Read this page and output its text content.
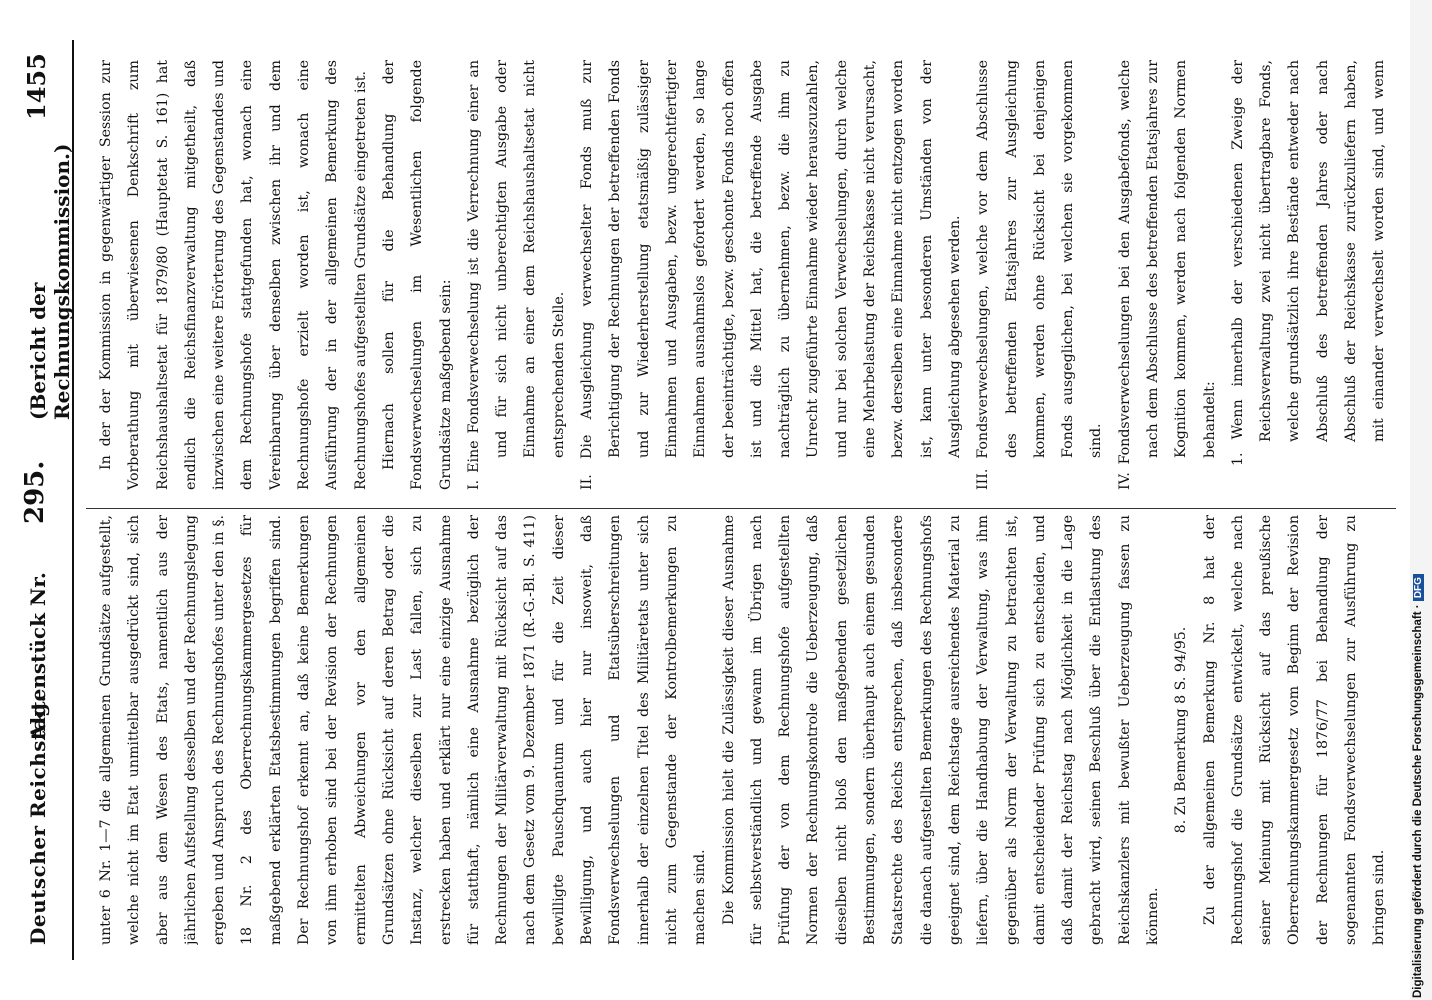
Deutscher Reichstag.
Aktenstück Nr.
295.
(Bericht der Rechnungskommission.)
1455

unter 6 Nr. 1—7 die allgemeinen Grundsätze aufgestellt, welche nicht im Etat unmittelbar ausgedrückt sind, sich aber aus dem Wesen des Etats, namentlich aus der jährlichen Aufstellung desselben und der Rechnungslegung ergeben und Anspruch des Rechnungshofes unter den in §. 18 Nr. 2 des Oberrechnungskammergesetzes für maßgebend erklärten Etatsbestimmungen begriffen sind. Der Rechnungshof erkennt an, daß keine Bemerkungen von ihm erhoben sind bei der Revision der Rechnungen ermittelten Abweichungen vor den allgemeinen Grundsätzen ohne Rücksicht auf deren Betrag oder die Instanz, welcher dieselben zur Last fallen, sich zu erstrecken haben und erklärt nur eine einzige Ausnahme für statthaft, nämlich eine Ausnahme bezüglich der Rechnungen der Militärverwaltung mit Rücksicht auf das nach dem Gesetz vom 9. Dezember 1871 (R.-G.-Bl. S. 411) bewilligte Pauschquantum und für die Zeit dieser Bewilligung, und auch hier nur insoweit, daß Fondsverwechselungen und Etatsüberschreitungen innerhalb der einzelnen Titel des Militäretats unter sich nicht zum Gegenstande der Kontrolbemerkungen zu machen sind. Die Kommission hielt die Zulässigkeit dieser Ausnahme für selbstverständlich und gewann im Übrigen nach Prüfung der von dem Rechnungshofe aufgestellten Normen der Rechnungskontrole die Ueberzeugung, daß dieselben nicht bloß den maßgebenden gesetzlichen Bestimmungen, sondern überhaupt auch einem gesunden Staatsrechte des Reichs entsprechen, daß insbesondere die danach aufgestellten Bemerkungen des Rechnungshofs geeignet sind, dem Reichstage ausreichendes Material zu liefern, über die Handhabung der Verwaltung, was ihm gegenüber als Norm der Verwaltung zu betrachten ist, damit entscheidender Prüfung sich zu entscheiden, und daß damit der Reichstag nach Möglichkeit in die Lage gebracht wird, seinen Beschluß über die Entlastung des Reichskanzlers mit bewußter Ueberzeugung fassen zu können.

8. Zu Bemerkung 8 S. 94/95. Zu der allgemeinen Bemerkung Nr. 8 hat der Rechnungshof die Grundsätze entwickelt, welche nach seiner Meinung mit Rücksicht auf das preußische Oberrechnungskammergesetz vom Beginn der Revision der Rechnungen für 1876/77 bei Behandlung der sogenannten Fondsverwechselungen zur Ausführung zu bringen sind.

In der der Kommission in gegenwärtiger Session zur Vorberathung mit überwiesenen Denkschrift zum Reichshaushaltsetat für 1879/80 (Hauptetat S. 161) hat endlich die Reichsfinanzverwaltung mitgetheilt, daß inzwischen eine weitere Erörterung des Gegenstandes und dem Rechnungshofe stattgefunden hat, wonach eine Vereinbarung über denselben zwischen ihr und dem Rechnungshofe erzielt worden ist, wonach eine Ausführung der in der allgemeinen Bemerkung des Rechnungshofes aufgestellten Grundsätze eingetreten ist. Hiernach sollen für die Behandlung der Fondsverwechselungen im Wesentlichen folgende Grundsätze maßgebend sein: I. Eine Fondsverwechselung ist die Verrechnung einer an und für sich nicht unberechtigten Ausgabe oder Einnahme an einer dem Reichshaushaltsetat nicht entsprechenden Stelle.

II. Die Ausgleichung verwechselter Fonds muß zur Berichtigung der Rechnungen der betreffenden Fonds und zur Wiederherstellung etatsmäßig zulässiger Einnahmen und Ausgaben, bezw. ungerechtfertigter Einnahmen ausnahmslos gefordert werden, so lange der beeinträchtigte, bezw. geschonte Fonds noch offen ist und die Mittel hat, die betreffende Ausgabe nachträglich zu übernehmen, bezw. die ihm zu Unrecht zugeführte Einnahme wieder herauszuzahlen, und nur bei solchen Verwechselungen, durch welche eine Mehrbelastung der Reichskasse nicht verursacht, bezw. derselben eine Einnahme nicht entzogen worden ist, kann unter besonderen Umständen von der Ausgleichung abgesehen werden.

III. Fondsverwechselungen, welche vor dem Abschlusse des betreffenden Etatsjahres zur Ausgleichung kommen, werden ohne Rücksicht bei denjenigen Fonds ausgeglichen, bei welchen sie vorgekommen sind.

IV. Fondsverwechselungen bei den Ausgabefonds, welche nach dem Abschlusse des betreffenden Etatsjahres zur Kognition kommen, werden nach folgenden Normen behandelt:

1. Wenn innerhalb der verschiedenen Zweige der Reichsverwaltung zwei nicht übertragbare Fonds, welche grundsätzlich ihre Bestände entweder nach Abschluß des betreffenden Jahres oder nach Abschluß der Reichskasse zurückzuliefern haben, mit einander verwechselt worden sind, und wenn

Digitalisierung gefördert durch die Deutsche Forschungsgemeinschaft · DFG
